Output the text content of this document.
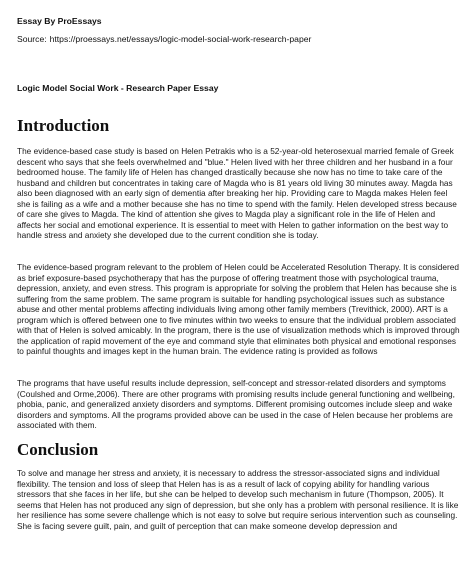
Essay By ProEssays

Source: https://proessays.net/essays/logic-model-social-work-research-paper

Logic Model Social Work - Research Paper Essay

Introduction

The evidence-based case study is based on Helen Petrakis who is a 52-year-old heterosexual married female of Greek descent who says that she feels overwhelmed and "blue." Helen lived with her three children and her husband in a four bedroomed house. The family life of Helen has changed drastically because she now has no time to take care of the husband and children but concentrates in taking care of Magda who is 81 years old living 30 minutes away. Magda has also been diagnosed with an early sign of dementia after breaking her hip. Providing care to Magda makes Helen feel she is failing as a wife and a mother because she has no time to spend with the family. Helen developed stress because of care she gives to Magda. The kind of attention she gives to Magda play a significant role in the life of Helen and affects her social and emotional experience. It is essential to meet with Helen to gather information on the best way to handle stress and anxiety she developed due to the current condition she is today.

The evidence-based program relevant to the problem of Helen could be Accelerated Resolution Therapy. It is considered as brief exposure-based psychotherapy that has the purpose of offering treatment those with psychological trauma, depression, anxiety, and even stress. This program is appropriate for solving the problem that Helen has because she is suffering from the same problem. The same program is suitable for handling psychological issues such as substance abuse and other mental problems affecting individuals living among other family members (Trevithick, 2000). ART is a program which is offered between one to five minutes within two weeks to ensure that the individual problem associated with that of Helen is solved amicably. In the program, there is the use of visualization methods which is improved through the application of rapid movement of the eye and command style that eliminates both physical and emotional responses to painful thoughts and images kept in the human brain. The evidence rating is provided as follows

The programs that have useful results include depression, self-concept and stressor-related disorders and symptoms (Coulshed and Orme,2006). There are other programs with promising results include general functioning and wellbeing, phobia, panic, and generalized anxiety disorders and symptoms. Different promising outcomes include sleep and wake disorders and symptoms. All the programs provided above can be used in the case of Helen because her problems are associated with them.

Conclusion

To solve and manage her stress and anxiety, it is necessary to address the stressor-associated signs and individual flexibility. The tension and loss of sleep that Helen has is as a result of lack of copying ability for handling various stressors that she faces in her life, but she can be helped to develop such mechanism in future (Thompson, 2005). It seems that Helen has not produced any sign of depression, but she only has a problem with personal resilience. It is like her resilience has some severe challenge which is not easy to solve but require serious intervention such as counseling. She is facing severe guilt, pain, and guilt of perception that can make someone develop depression and
